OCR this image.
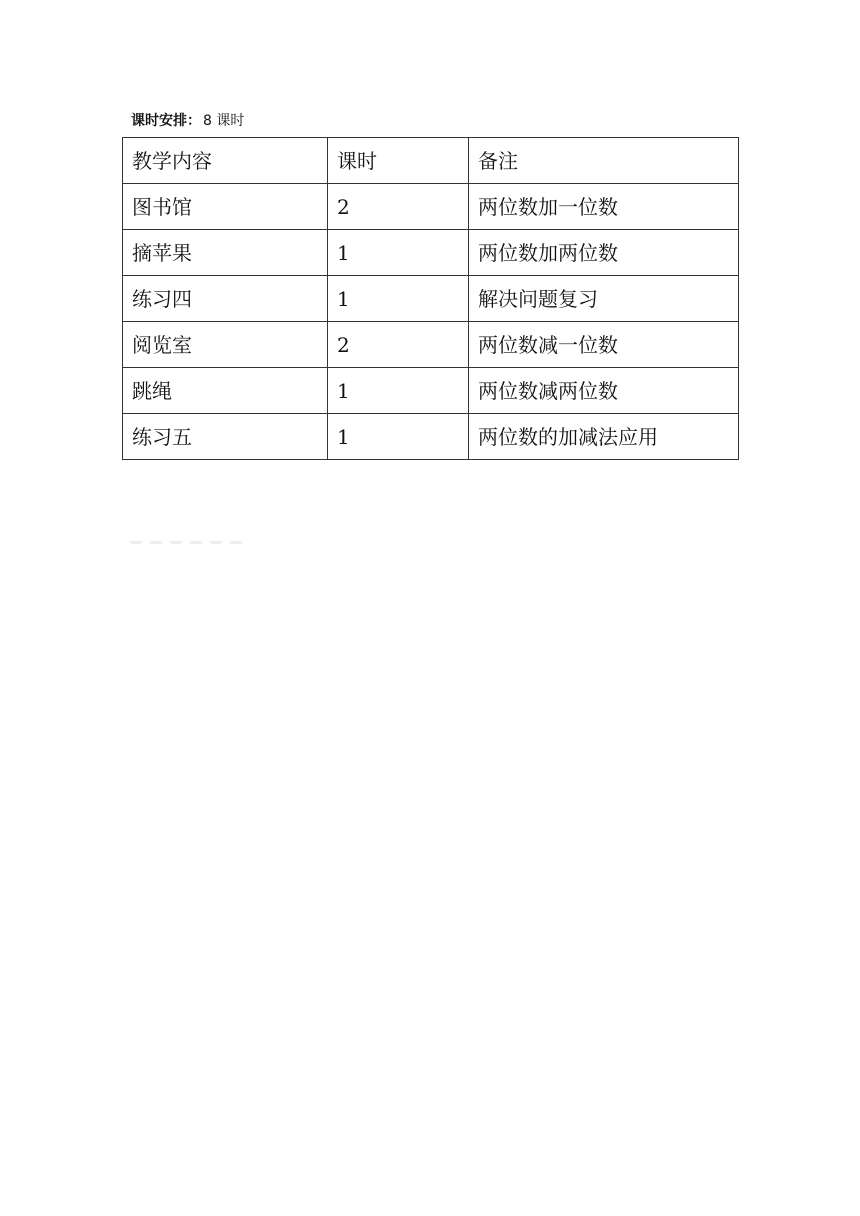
课时安排： 8 课时
教学内容	课时	备注
图书馆	2	两位数加一位数
摘苹果	1	两位数加两位数
练习四	1	解决问题复习
阅览室	2	两位数减一位数
跳绳	1	两位数减两位数
练习五	1	两位数的加减法应用
